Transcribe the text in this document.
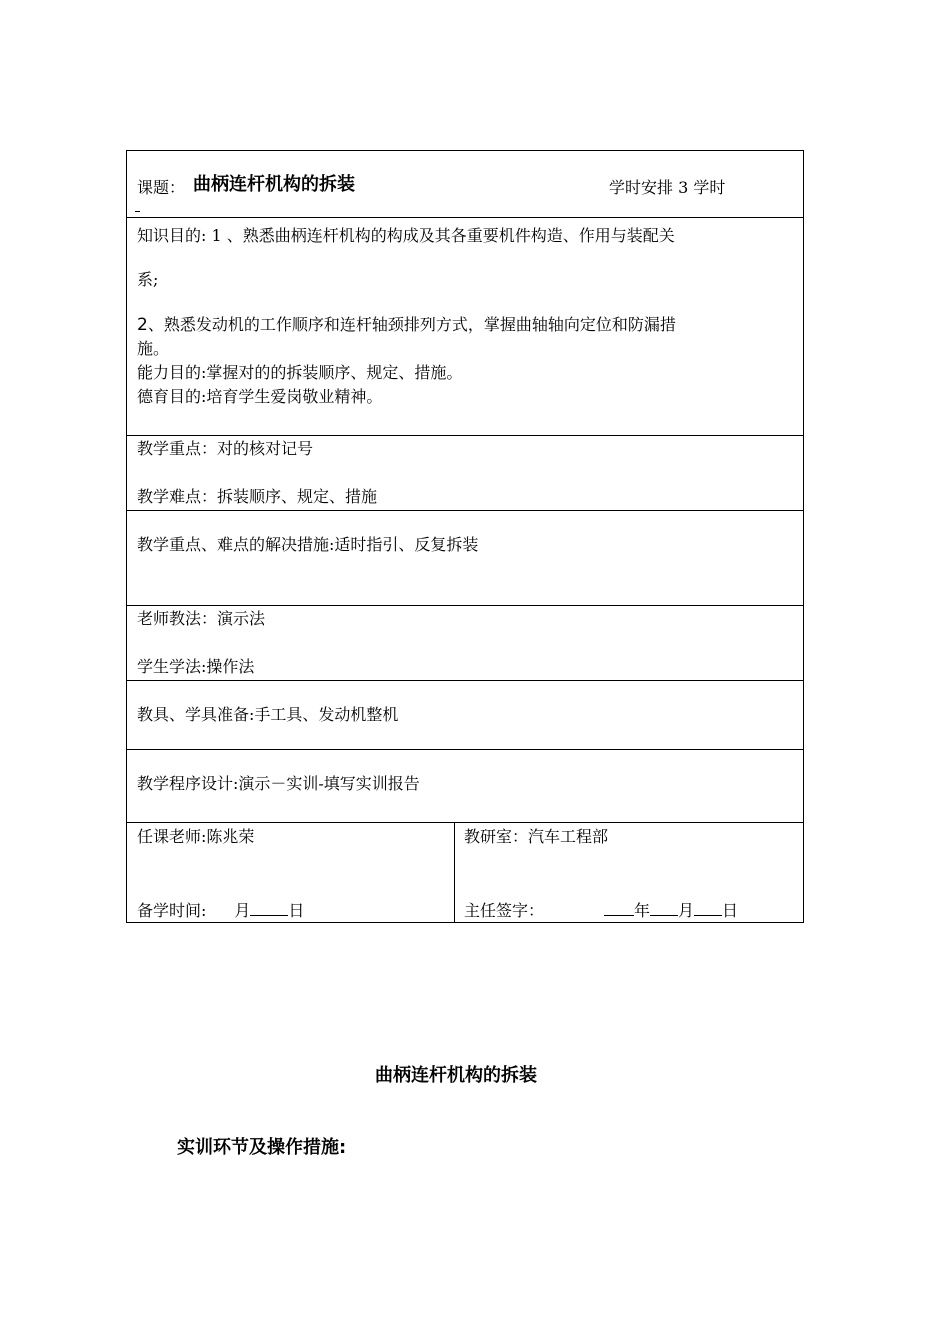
课题： 曲柄连杆机构的拆装	学时安排 3 学时
知识目的: 1 、熟悉曲柄连杆机构的构成及其各重要机件构造、作用与装配关
系;
2、熟悉发动机的工作顺序和连杆轴颈排列方式，掌握曲轴轴向定位和防漏措
施。
能力目的:掌握对的的拆装顺序、规定、措施。
德育目的:培育学生爱岗敬业精神。
教学重点：对的核对记号
教学难点：拆装顺序、规定、措施
教学重点、难点的解决措施:适时指引、反复拆装
老师教法：演示法
学生学法:操作法
教具、学具准备:手工具、发动机整机
教学程序设计:演示－实训-填写实训报告
任课老师:陈兆荣	教研室：汽车工程部
备学时间: 月 日	主任签字：	年 月 日
曲柄连杆机构的拆装
实训环节及操作措施:
